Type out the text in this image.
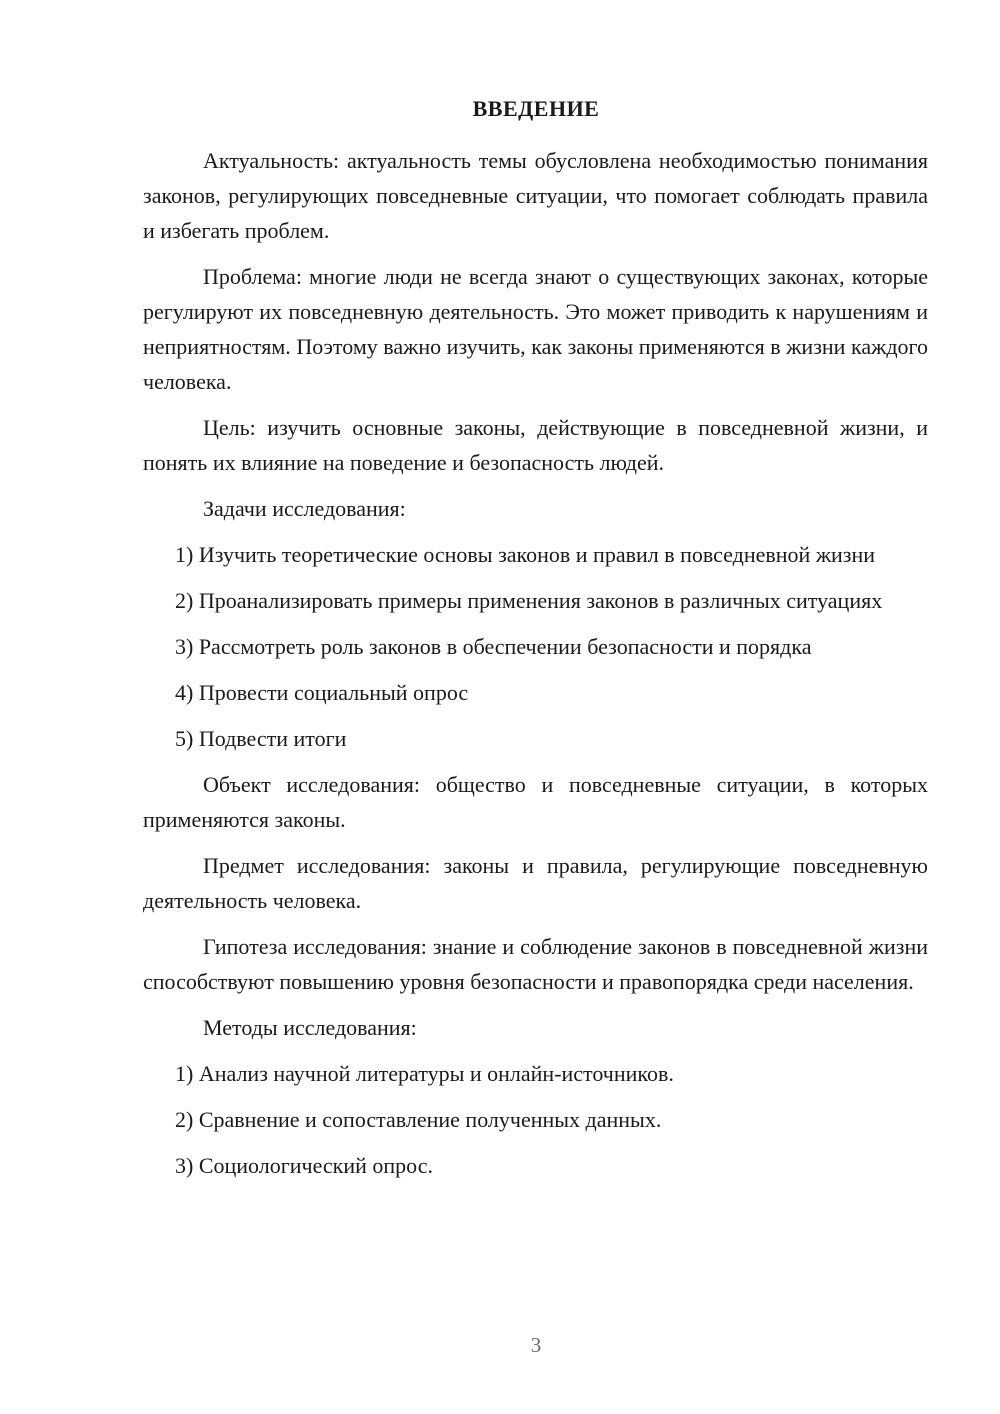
ВВЕДЕНИЕ

Актуальность: актуальность темы обусловлена необходимостью понимания законов, регулирующих повседневные ситуации, что помогает соблюдать правила и избегать проблем.

Проблема: многие люди не всегда знают о существующих законах, которые регулируют их повседневную деятельность. Это может приводить к нарушениям и неприятностям. Поэтому важно изучить, как законы применяются в жизни каждого человека.

Цель: изучить основные законы, действующие в повседневной жизни, и понять их влияние на поведение и безопасность людей.

Задачи исследования:

1) Изучить теоретические основы законов и правил в повседневной жизни

2) Проанализировать примеры применения законов в различных ситуациях

3) Рассмотреть роль законов в обеспечении безопасности и порядка

4) Провести социальный опрос

5) Подвести итоги

Объект исследования: общество и повседневные ситуации, в которых применяются законы.

Предмет исследования: законы и правила, регулирующие повседневную деятельность человека.

Гипотеза исследования: знание и соблюдение законов в повседневной жизни способствуют повышению уровня безопасности и правопорядка среди населения.

Методы исследования:

1) Анализ научной литературы и онлайн-источников.

2) Сравнение и сопоставление полученных данных.

3) Социологический опрос.

3
